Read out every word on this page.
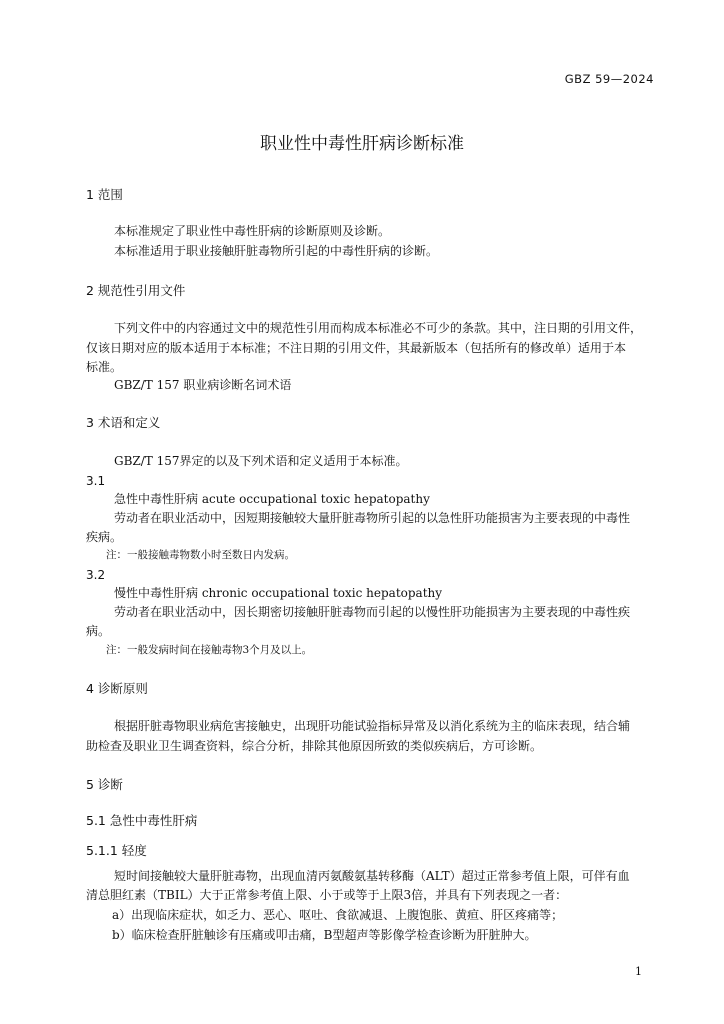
GBZ 59—2024
职业性中毒性肝病诊断标准
1 范围
本标准规定了职业性中毒性肝病的诊断原则及诊断。
本标准适用于职业接触肝脏毒物所引起的中毒性肝病的诊断。
2 规范性引用文件
下列文件中的内容通过文中的规范性引用而构成本标准必不可少的条款。其中，注日期的引用文件，
仅该日期对应的版本适用于本标准；不注日期的引用文件，其最新版本（包括所有的修改单）适用于本
标准。
GBZ/T 157 职业病诊断名词术语
3 术语和定义
GBZ/T 157界定的以及下列术语和定义适用于本标准。
3.1
急性中毒性肝病 acute occupational toxic hepatopathy
劳动者在职业活动中，因短期接触较大量肝脏毒物所引起的以急性肝功能损害为主要表现的中毒性
疾病。
注：一般接触毒物数小时至数日内发病。
3.2
慢性中毒性肝病 chronic occupational toxic hepatopathy
劳动者在职业活动中，因长期密切接触肝脏毒物而引起的以慢性肝功能损害为主要表现的中毒性疾
病。
注：一般发病时间在接触毒物3个月及以上。
4 诊断原则
根据肝脏毒物职业病危害接触史，出现肝功能试验指标异常及以消化系统为主的临床表现，结合辅
助检查及职业卫生调查资料，综合分析，排除其他原因所致的类似疾病后，方可诊断。
5 诊断
5.1 急性中毒性肝病
5.1.1 轻度
短时间接触较大量肝脏毒物，出现血清丙氨酸氨基转移酶（ALT）超过正常参考值上限，可伴有血
清总胆红素（TBIL）大于正常参考值上限、小于或等于上限3倍，并具有下列表现之一者：
a）出现临床症状，如乏力、恶心、呕吐、食欲减退、上腹饱胀、黄疸、肝区疼痛等；
b）临床检查肝脏触诊有压痛或叩击痛，B型超声等影像学检查诊断为肝脏肿大。
1
